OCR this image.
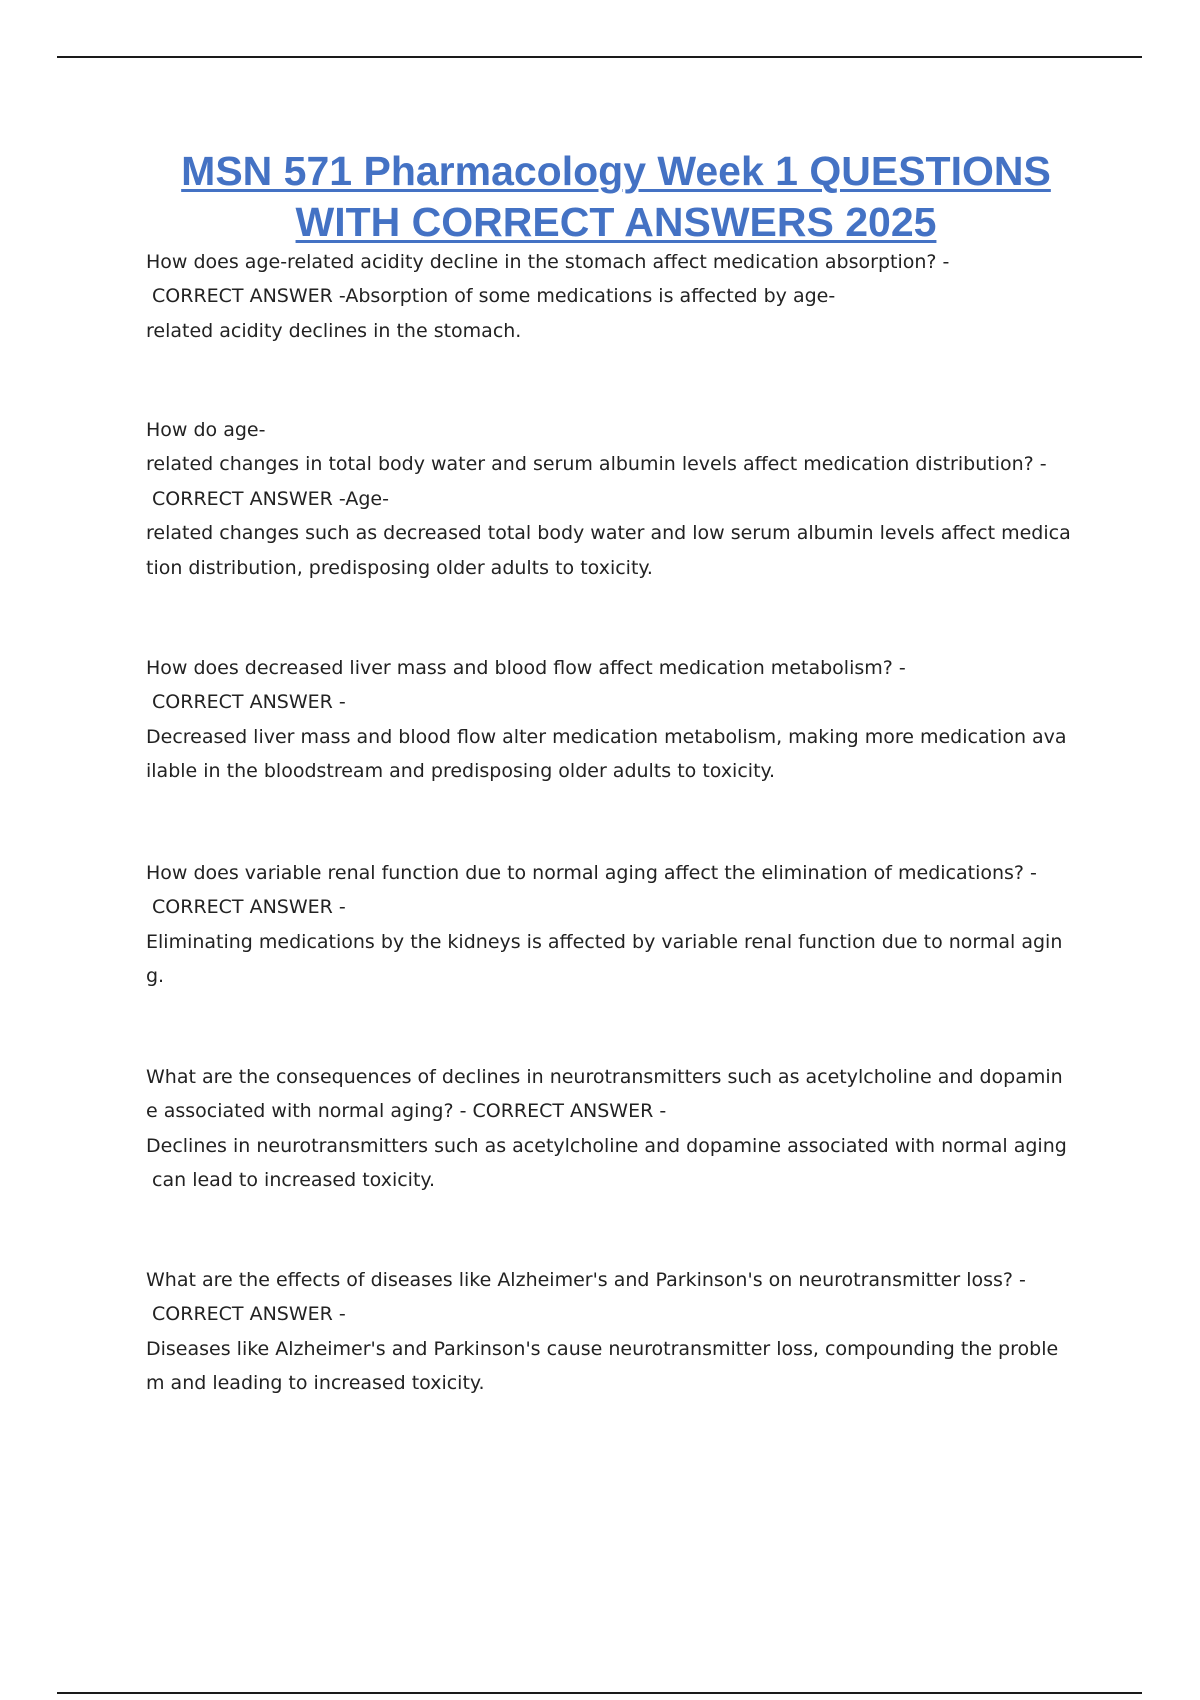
MSN 571 Pharmacology Week 1 QUESTIONS
WITH CORRECT ANSWERS 2025
How does age-related acidity decline in the stomach affect medication absorption? -
CORRECT ANSWER -Absorption of some medications is affected by age-
related acidity declines in the stomach.
How do age-
related changes in total body water and serum albumin levels affect medication distribution? -
CORRECT ANSWER -Age-
related changes such as decreased total body water and low serum albumin levels affect medica
tion distribution, predisposing older adults to toxicity.
How does decreased liver mass and blood flow affect medication metabolism? -
CORRECT ANSWER -
Decreased liver mass and blood flow alter medication metabolism, making more medication ava
ilable in the bloodstream and predisposing older adults to toxicity.
How does variable renal function due to normal aging affect the elimination of medications? -
CORRECT ANSWER -
Eliminating medications by the kidneys is affected by variable renal function due to normal agin
g.
What are the consequences of declines in neurotransmitters such as acetylcholine and dopamin
e associated with normal aging? - CORRECT ANSWER -
Declines in neurotransmitters such as acetylcholine and dopamine associated with normal aging
can lead to increased toxicity.
What are the effects of diseases like Alzheimer's and Parkinson's on neurotransmitter loss? -
CORRECT ANSWER -
Diseases like Alzheimer's and Parkinson's cause neurotransmitter loss, compounding the proble
m and leading to increased toxicity.
